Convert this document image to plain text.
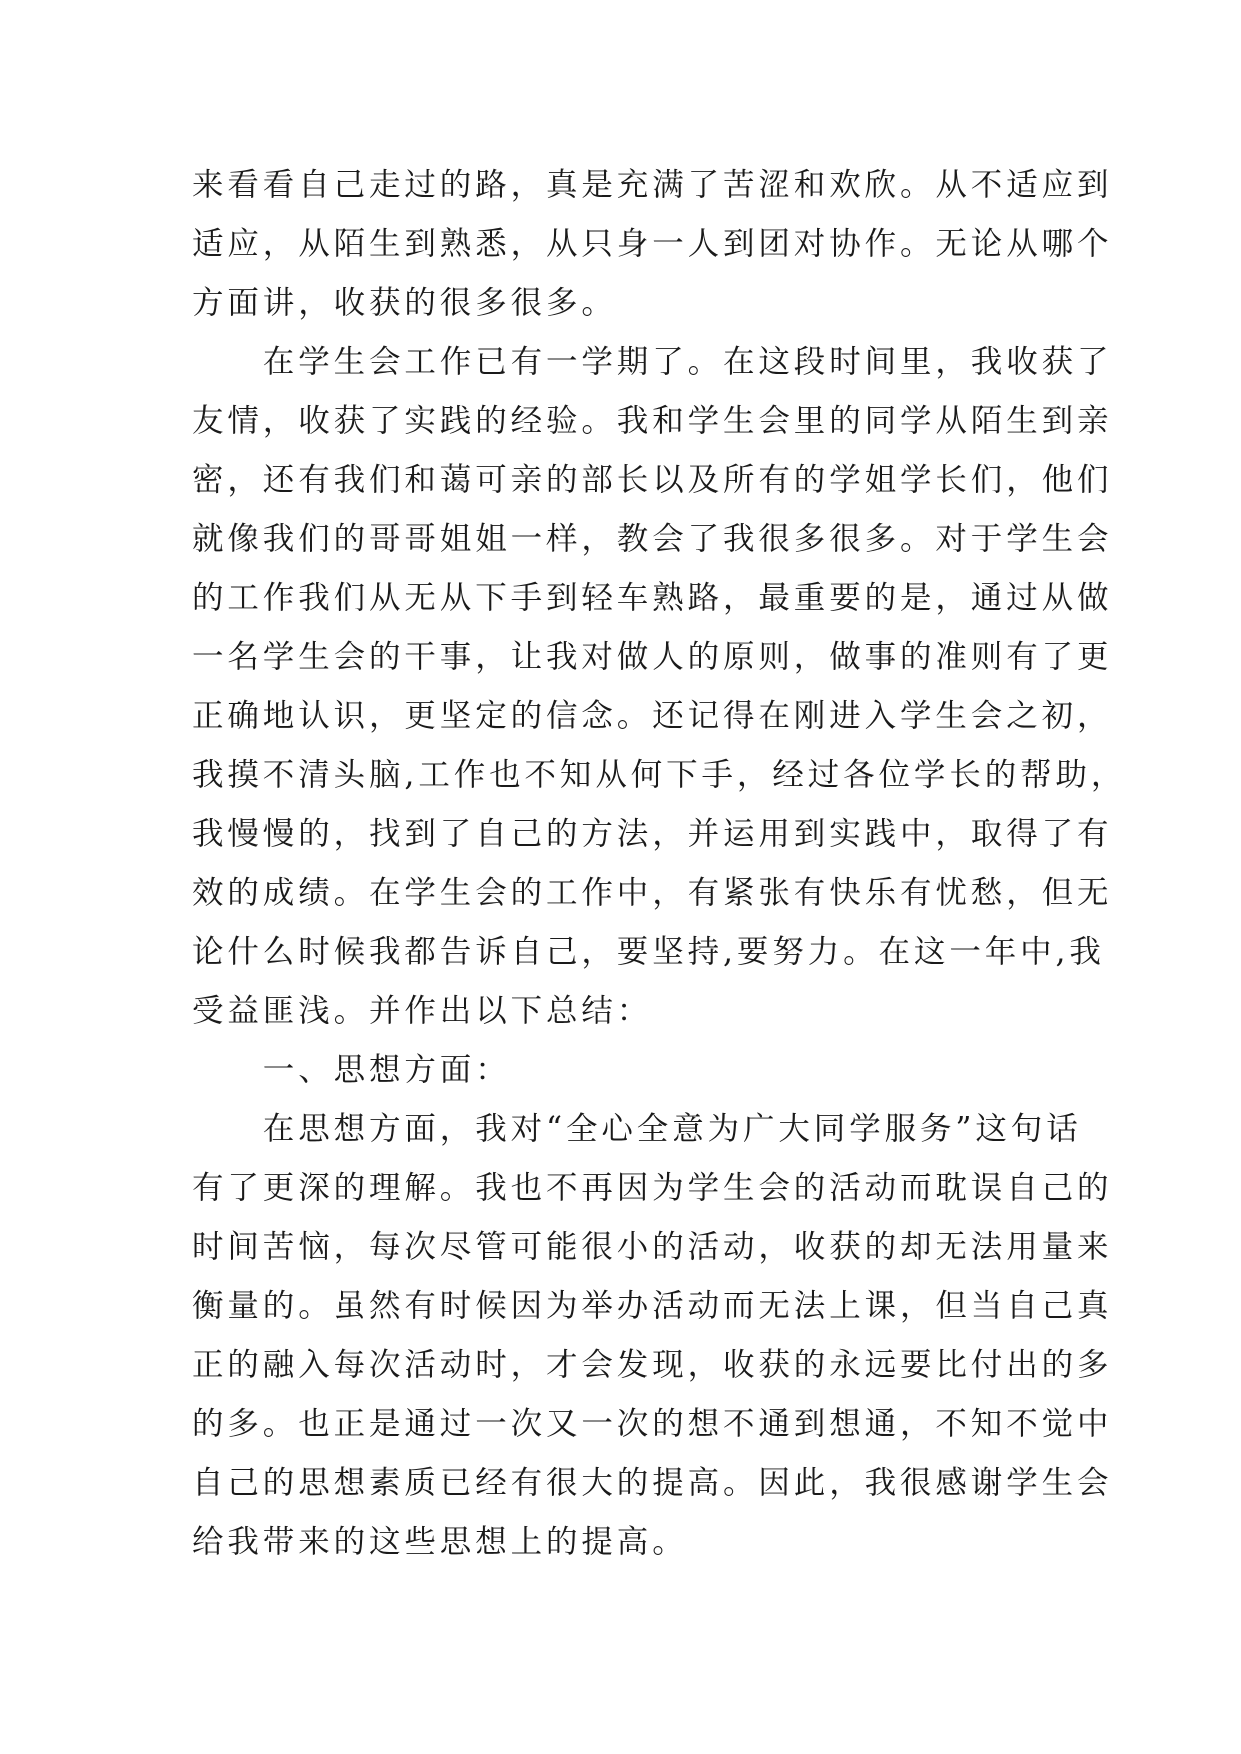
来看看自己走过的路，真是充满了苦涩和欢欣。从不适应到
适应，从陌生到熟悉，从只身一人到团对协作。无论从哪个
方面讲，收获的很多很多。
　　在学生会工作已有一学期了。在这段时间里，我收获了
友情，收获了实践的经验。我和学生会里的同学从陌生到亲
密，还有我们和蔼可亲的部长以及所有的学姐学长们，他们
就像我们的哥哥姐姐一样，教会了我很多很多。对于学生会
的工作我们从无从下手到轻车熟路，最重要的是，通过从做
一名学生会的干事，让我对做人的原则，做事的准则有了更
正确地认识，更坚定的信念。还记得在刚进入学生会之初，
我摸不清头脑,工作也不知从何下手，经过各位学长的帮助，
我慢慢的，找到了自己的方法，并运用到实践中，取得了有
效的成绩。在学生会的工作中，有紧张有快乐有忧愁，但无
论什么时候我都告诉自己，要坚持,要努力。在这一年中,我
受益匪浅。并作出以下总结：
　　一、思想方面：
　　在思想方面，我对“全心全意为广大同学服务”这句话
有了更深的理解。我也不再因为学生会的活动而耽误自己的
时间苦恼，每次尽管可能很小的活动，收获的却无法用量来
衡量的。虽然有时候因为举办活动而无法上课，但当自己真
正的融入每次活动时，才会发现，收获的永远要比付出的多
的多。也正是通过一次又一次的想不通到想通，不知不觉中
自己的思想素质已经有很大的提高。因此，我很感谢学生会
给我带来的这些思想上的提高。
